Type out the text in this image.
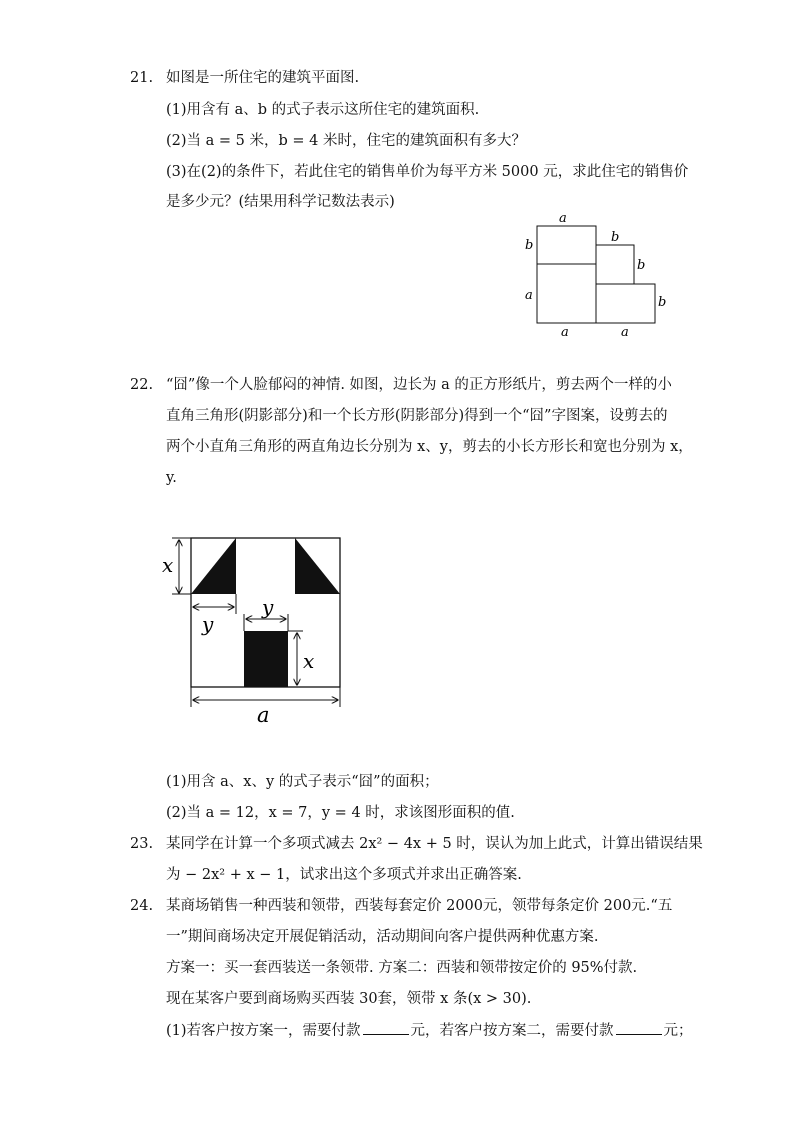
21. 如图是一所住宅的建筑平面图.
(1)用含有 a、b 的式子表示这所住宅的建筑面积.
(2)当 a = 5 米，b = 4 米时，住宅的建筑面积有多大？
(3)在(2)的条件下，若此住宅的销售单价为每平方米 5000 元，求此住宅的销售价
是多少元？(结果用科学记数法表示)
a
b
a
b
b
b
a	a
22. “囧”像一个人脸郁闷的神情. 如图，边长为 a 的正方形纸片，剪去两个一样的小
直角三角形(阴影部分)和一个长方形(阴影部分)得到一个“囧”字图案，设剪去的
两个小直角三角形的两直角边长分别为 x、y，剪去的小长方形长和宽也分别为 x，
y.
x
y
y
x
a
(1)用含 a、x、y 的式子表示“囧”的面积；
(2)当 a = 12，x = 7，y = 4 时，求该图形面积的值.
23. 某同学在计算一个多项式减去 2x² − 4x + 5 时，误认为加上此式，计算出错误结果
为 − 2x² + x − 1，试求出这个多项式并求出正确答案.
24. 某商场销售一种西装和领带，西装每套定价 2000元，领带每条定价 200元.“五
一”期间商场决定开展促销活动，活动期间向客户提供两种优惠方案.
方案一：买一套西装送一条领带. 方案二：西装和领带按定价的 95%付款.
现在某客户要到商场购买西装 30套，领带 x 条(x > 30).
(1)若客户按方案一，需要付款	元，若客户按方案二，需要付款	元；
